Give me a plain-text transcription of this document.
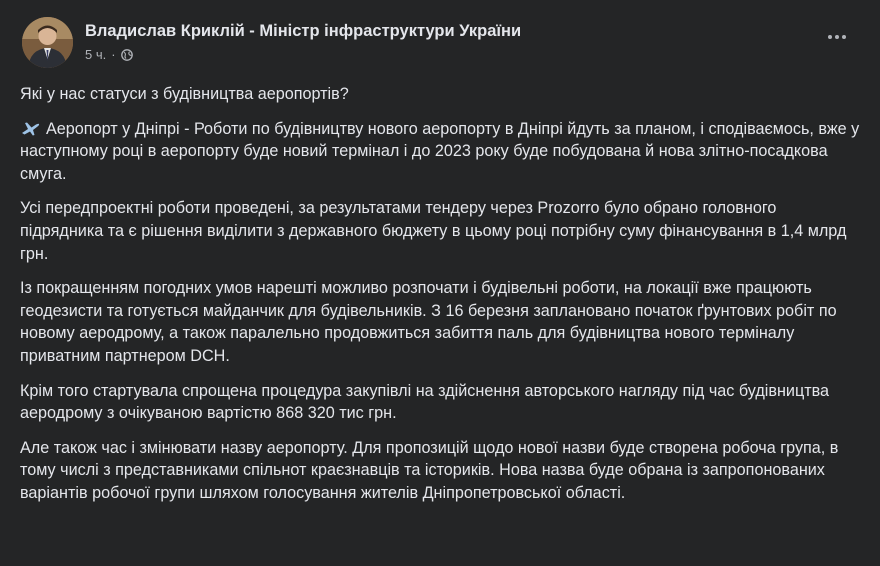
Владислав Криклій - Міністр інфраструктури України
5 ч. ·

Які у нас статуси з будівництва аеропортів?

Аеропорт у Дніпрі - Роботи по будівництву нового аеропорту в Дніпрі йдуть за планом, і сподіваємось, вже у наступному році в аеропорту буде новий термінал і до 2023 року буде побудована й нова злітно-посадкова смуга.

Усі передпроектні роботи проведені, за результатами тендеру через Prozorro було обрано головного підрядника та є рішення виділити з державного бюджету в цьому році потрібну суму фінансування в 1,4 млрд грн.

Із покращенням погодних умов нарешті можливо розпочати і будівельні роботи, на локації вже працюють геодезисти та готується майданчик для будівельників. З 16 березня заплановано початок ґрунтових робіт по новому аеродрому, а також паралельно продовжиться забиття паль для будівництва нового терміналу приватним партнером DCH.

Крім того стартувала спрощена процедура закупівлі на здійснення авторського нагляду під час будівництва аеродрому з очікуваною вартістю 868 320 тис грн.

Але також час і змінювати назву аеропорту. Для пропозицій щодо нової назви буде створена робоча група, в тому числі з представниками спільнот краєзнавців та істориків. Нова назва буде обрана із запропонованих варіантів робочої групи шляхом голосування жителів Дніпропетровської області.
